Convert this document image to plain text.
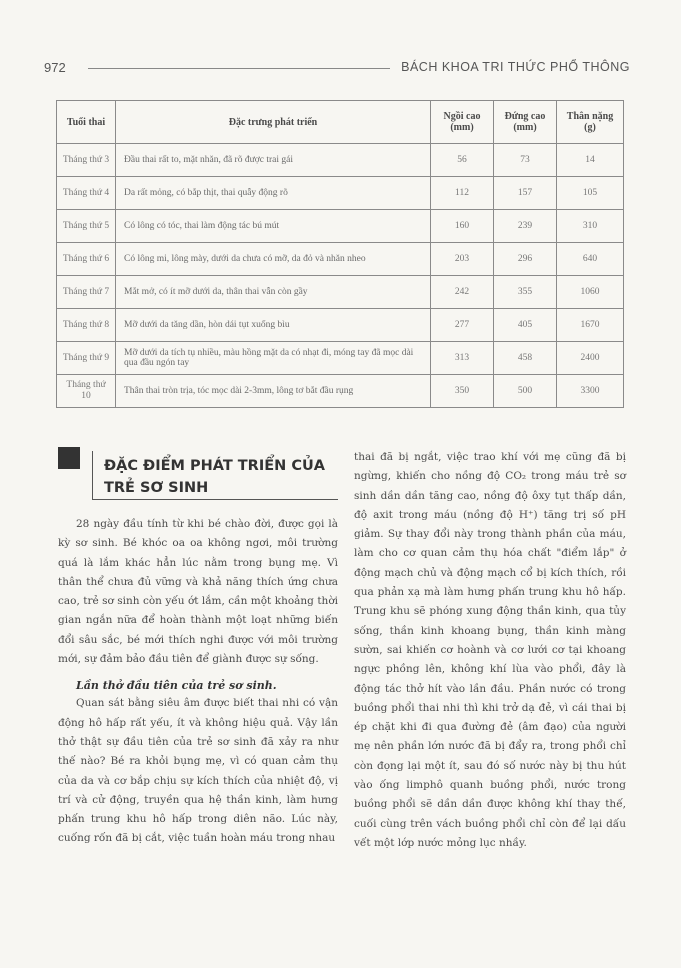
972	BÁCH KHOA TRI THỨC PHỔ THÔNG
Tuổi thai	Đặc trưng phát triển	Ngồi cao (mm)	Đứng cao (mm)	Thân nặng (g)
Tháng thứ 3	Đầu thai rất to, mặt nhăn, đã rõ được trai gái	56	73	14
Tháng thứ 4	Da rất mỏng, có bắp thịt, thai quẫy động rõ	112	157	105
Tháng thứ 5	Có lông có tóc, thai làm động tác bú mút	160	239	310
Tháng thứ 6	Có lông mi, lông mày, dưới da chưa có mỡ, da đỏ và nhăn nheo	203	296	640
Tháng thứ 7	Mắt mở, có ít mỡ dưới da, thân thai vẫn còn gầy	242	355	1060
Tháng thứ 8	Mỡ dưới da tăng dần, hòn dái tụt xuống bìu	277	405	1670
Tháng thứ 9	Mỡ dưới da tích tụ nhiều, màu hồng mặt da có nhạt đi, móng tay đã mọc dài qua đầu ngón tay	313	458	2400
Tháng thứ 10	Thân thai tròn trịa, tóc mọc dài 2-3mm, lông tơ bắt đầu rụng	350	500	3300
ĐẶC ĐIỂM PHÁT TRIỂN CỦA TRẺ SƠ SINH

28 ngày đầu tính từ khi bé chào đời, được gọi là kỳ sơ sinh. Bé khóc oa oa không ngơi, môi trường quá là lắm khác hẳn lúc nằm trong bụng mẹ. Vì thân thể chưa đủ vững và khả năng thích ứng chưa cao, trẻ sơ sinh còn yếu ớt lắm, cần một khoảng thời gian ngắn nữa để hoàn thành một loạt những biến đổi sâu sắc, bé mới thích nghi được với môi trường mới, sự đảm bảo đầu tiên để giành được sự sống.

Lần thở đầu tiên của trẻ sơ sinh.

Quan sát bằng siêu âm được biết thai nhi có vận động hô hấp rất yếu, ít và không hiệu quả. Vậy lần thở thật sự đầu tiên của trẻ sơ sinh đã xảy ra như thế nào? Bé ra khỏi bụng mẹ, vì có quan cảm thụ của da và cơ bắp chịu sự kích thích của nhiệt độ, vị trí và cử động, truyền qua hệ thần kinh, làm hưng phấn trung khu hô hấp trong diên não. Lúc này, cuống rốn đã bị cắt, việc tuần hoàn máu trong nhau

thai đã bị ngắt, việc trao khí với mẹ cũng đã bị ngừng, khiến cho nồng độ CO₂ trong máu trẻ sơ sinh dần dần tăng cao, nồng độ ôxy tụt thấp dần, độ axit trong máu (nồng độ H⁺) tăng trị số pH giảm. Sự thay đổi này trong thành phần của máu, làm cho cơ quan cảm thụ hóa chất "điểm lắp" ở động mạch chủ và động mạch cổ bị kích thích, rồi qua phản xạ mà làm hưng phấn trung khu hô hấp. Trung khu sẽ phóng xung động thần kinh, qua tủy sống, thần kinh khoang bụng, thần kinh màng sườn, sai khiến cơ hoành và cơ lưới cơ tại khoang ngực phồng lên, không khí lùa vào phổi, đây là động tác thở hít vào lần đầu. Phần nước có trong buồng phổi thai nhi thì khi trở dạ đẻ, vì cái thai bị ép chặt khi đi qua đường đẻ (âm đạo) của người mẹ nên phần lớn nước đã bị đẩy ra, trong phổi chỉ còn đọng lại một ít, sau đó số nước này bị thu hút vào ống limphô quanh buồng phổi, nước trong buồng phổi sẽ dần dần được không khí thay thế, cuối cùng trên vách buồng phổi chỉ còn để lại dấu vết một lớp nước mỏng lục nhầy.
